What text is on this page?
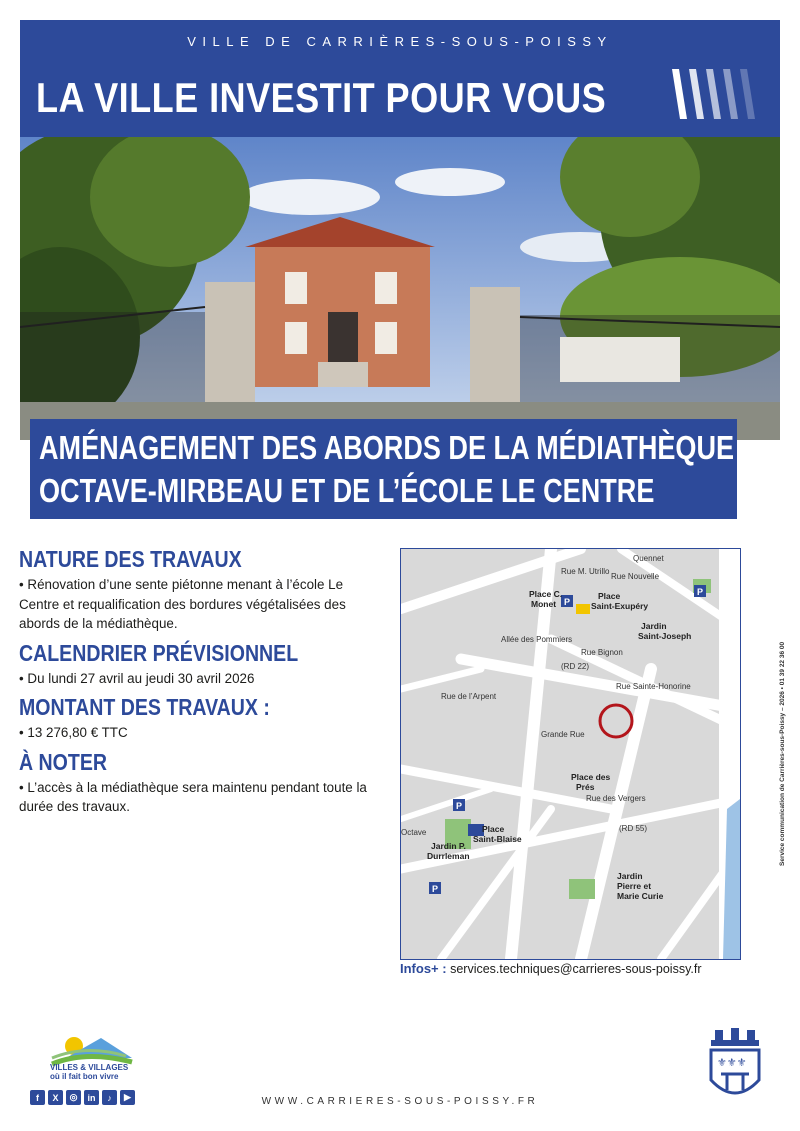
VILLE DE CARRIÈRES-SOUS-POISSY
LA VILLE INVESTIT POUR VOUS
AMÉNAGEMENT DES ABORDS DE LA MÉDIATHÈQUE
OCTAVE-MIRBEAU ET DE L’ÉCOLE LE CENTRE
NATURE DES TRAVAUX

• Rénovation d’une sente piétonne menant à l’école Le Centre et requalification des bordures végétalisées des abords de la médiathèque.

CALENDRIER PRÉVISIONNEL

• Du lundi 27 avril au jeudi 30 avril 2026

MONTANT DES TRAVAUX :

• 13 276,80 € TTC

À NOTER

• L’accès à la médiathèque sera maintenu pendant toute la durée des travaux.

P
P
P
P
Place C.
Monet
Place
Saint-Exupéry
Jardin
Saint-Joseph
Place des
Prés
Place
Saint-Blaise
Jardin P.
Durrleman
Jardin
Pierre et
Marie Curie
Allée des Pommiers
Rue Nouvelle
Quennet
Rue M. Utrillo
Rue Bignon
Rue Sainte-Honorine
Rue des Vergers
Octave
Rue de l’Arpent
Grande Rue
(RD 55)
(RD 22)
Infos+ : services.techniques@carrieres-sous-poissy.fr
Service communication de Carrières-sous-Poissy – 2026 • 01 39 22 36 00
VILLES & VILLAGES
où il fait bon vivre
f	X	◎	in	♪	▶	WWW.CARRIERES-SOUS-POISSY.FR
⚜⚜⚜
